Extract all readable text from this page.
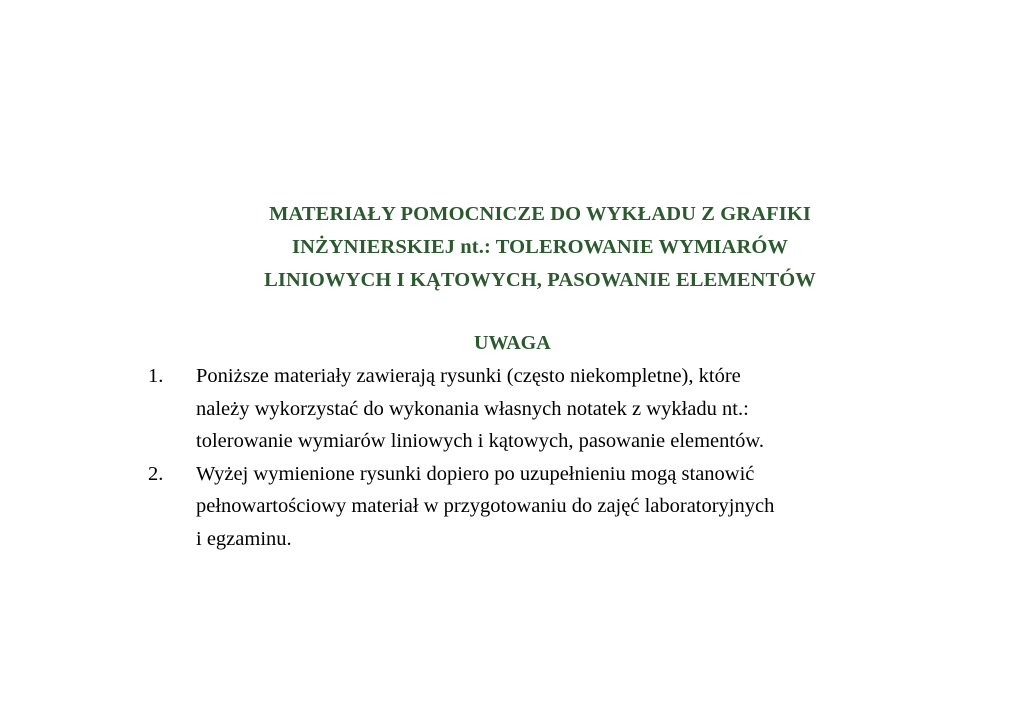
MATERIAŁY POMOCNICZE DO WYKŁADU Z GRAFIKI
INŻYNIERSKIEJ nt.: TOLEROWANIE WYMIARÓW
LINIOWYCH I KĄTOWYCH, PASOWANIE ELEMENTÓW
UWAGA
1. Poniższe materiały zawierają rysunki (często niekompletne), które
należy wykorzystać do wykonania własnych notatek z wykładu nt.:
tolerowanie wymiarów liniowych i kątowych, pasowanie elementów.
2. Wyżej wymienione rysunki dopiero po uzupełnieniu mogą stanowić
pełnowartościowy materiał w przygotowaniu do zajęć laboratoryjnych
i egzaminu.
